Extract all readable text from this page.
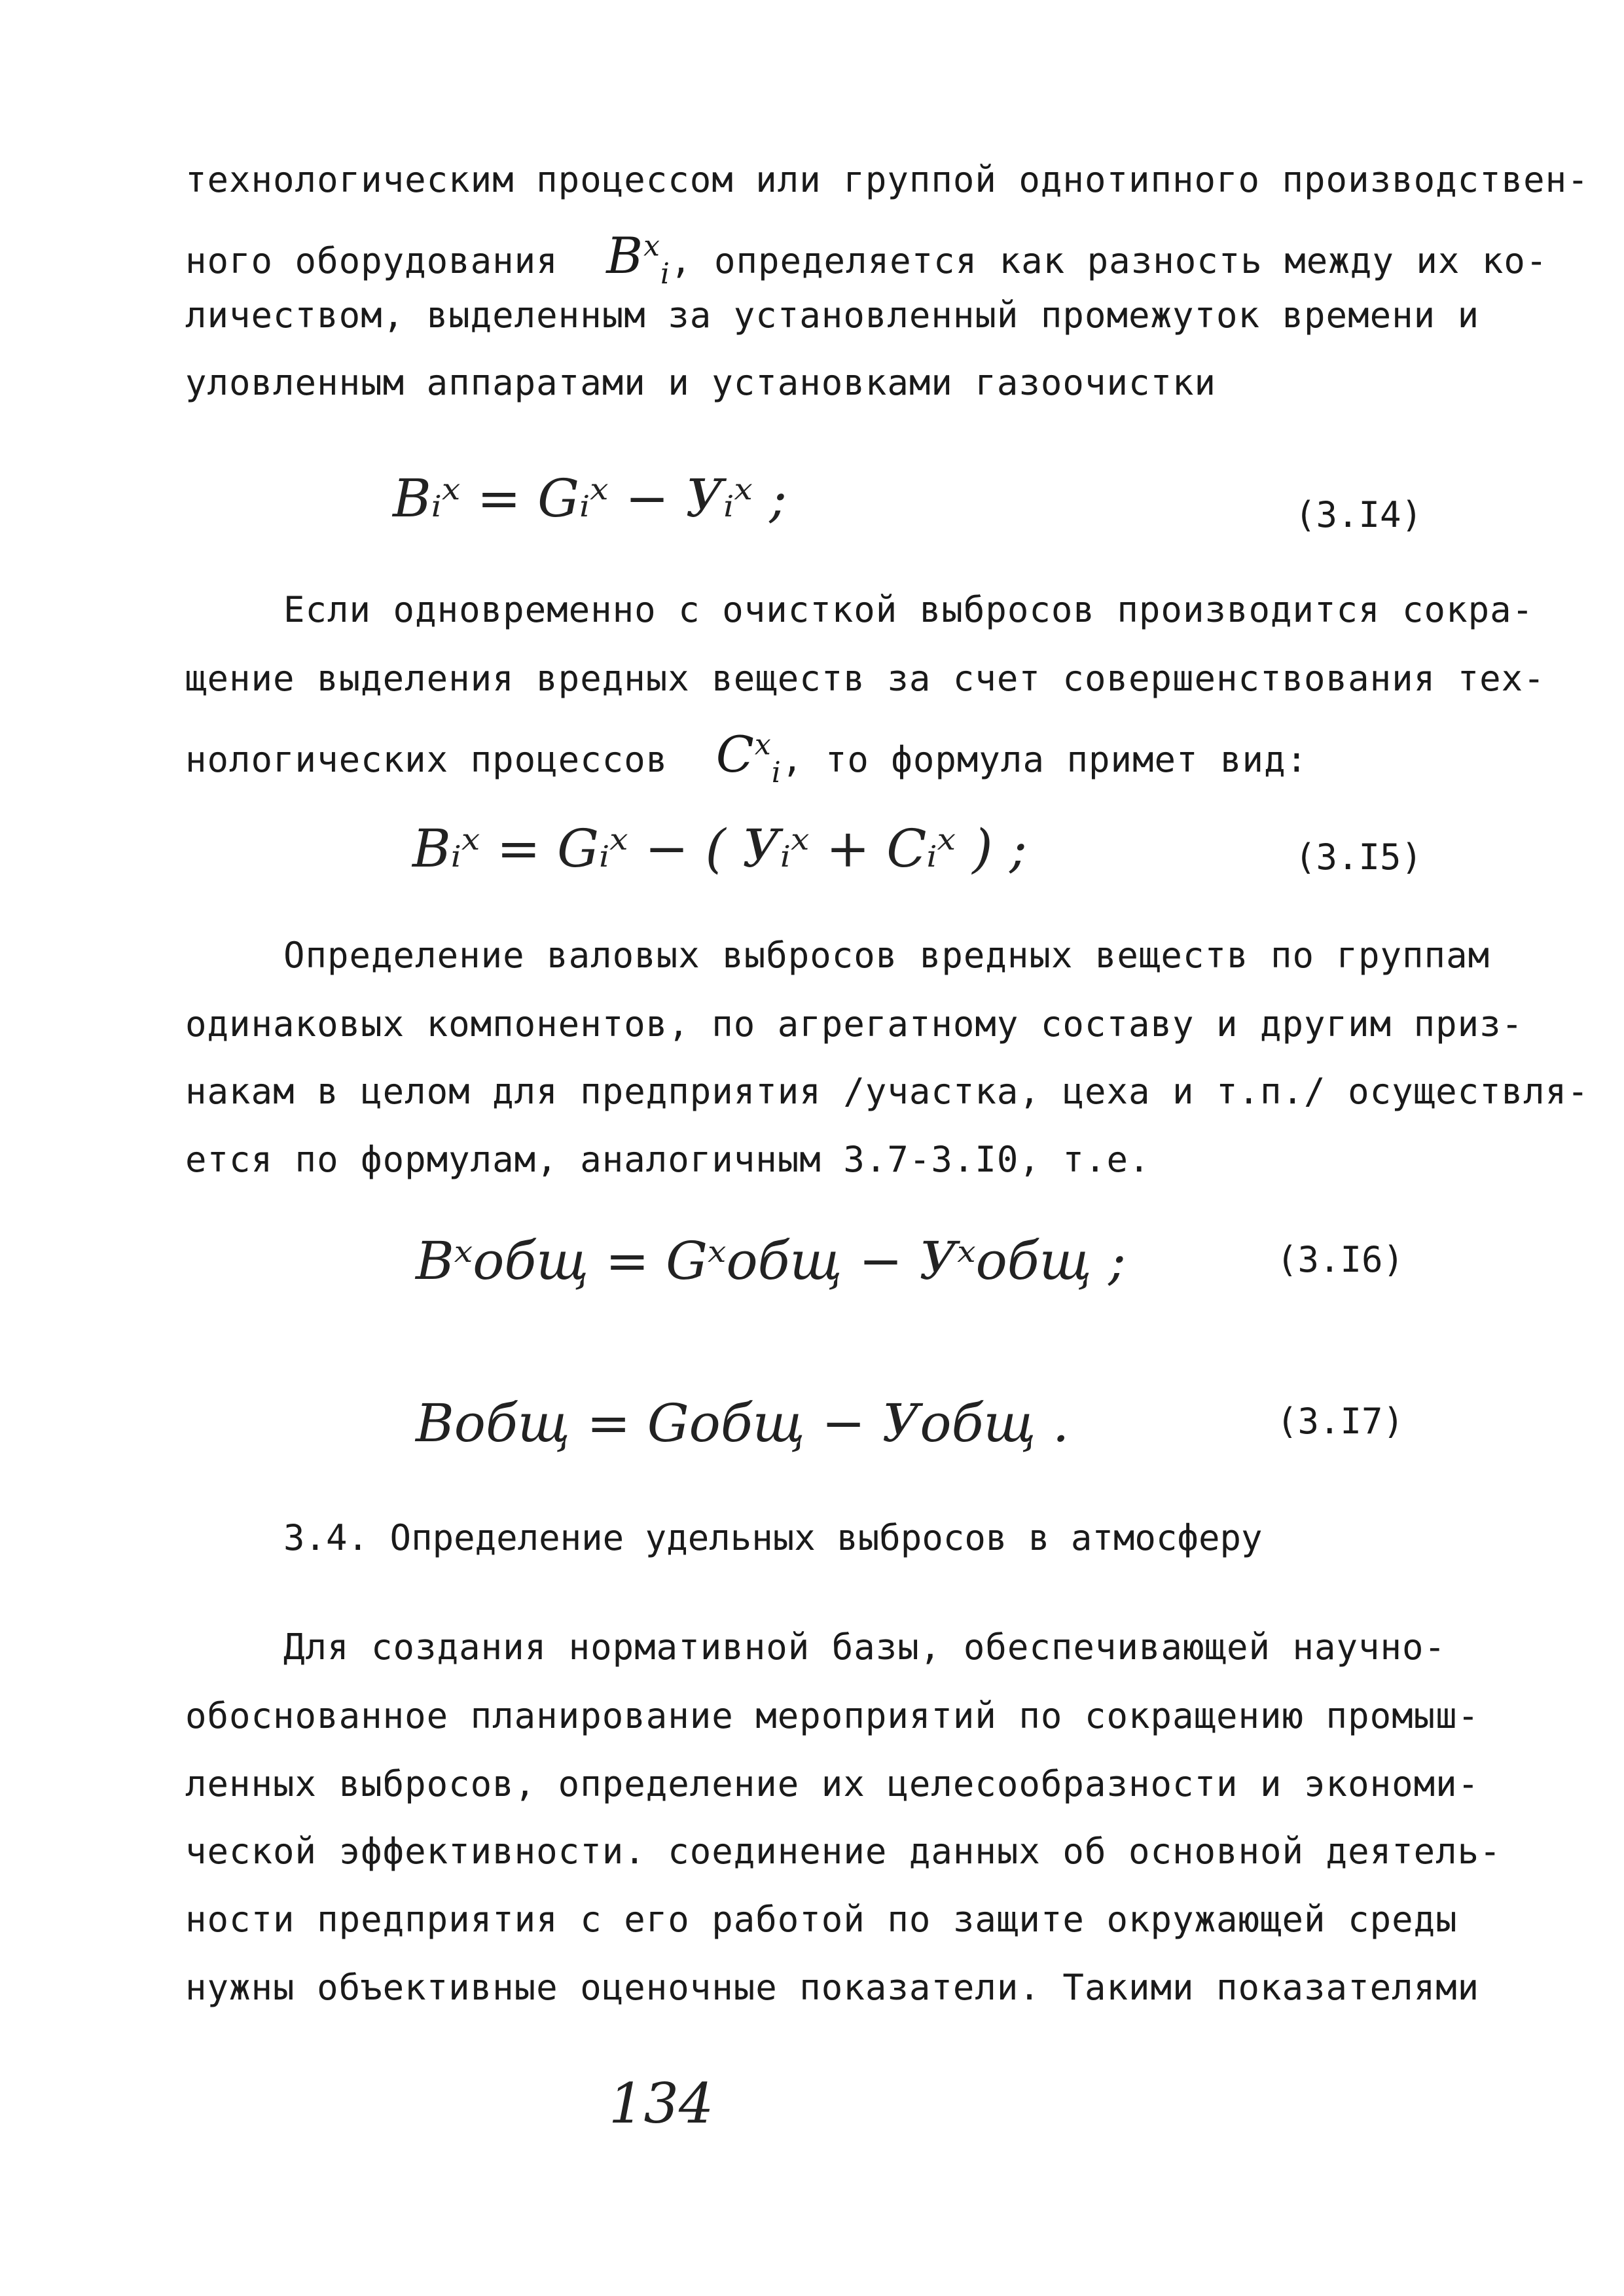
технологическим процессом или группой однотипного производствен-
ного оборудования $B^x_i$, определяется как разность между их ко-
личеством, выделенным за установленный промежуток времени и
уловленным аппаратами и установками газоочистки
Bᵢˣ = Gᵢˣ − Уᵢˣ ;	(3.I4)
Если одновременно с очисткой выбросов производится сокра-
щение выделения вредных веществ за счет совершенствования тех-
нологических процессов $C^x_i$, то формула примет вид:
Bᵢˣ = Gᵢˣ − ( Уᵢˣ + Cᵢˣ ) ;	(3.I5)
Определение валовых выбросов вредных веществ по группам
одинаковых компонентов, по агрегатному составу и другим приз-
накам в целом для предприятия /участка, цеха и т.п./ осуществля-
ется по формулам, аналогичным 3.7-3.I0, т.е.
Bˣобщ = Gˣобщ − Уˣобщ ;	(3.I6)
Bобщ = Gобщ − Уобщ .	(3.I7)
3.4. Определение удельных выбросов в атмосферу
Для создания нормативной базы, обеспечивающей научно-
обоснованное планирование мероприятий по сокращению промыш-
ленных выбросов, определение их целесообразности и экономи-
ческой эффективности. соединение данных об основной деятель-
ности предприятия с его работой по защите окружающей среды
нужны объективные оценочные показатели. Такими показателями
134
